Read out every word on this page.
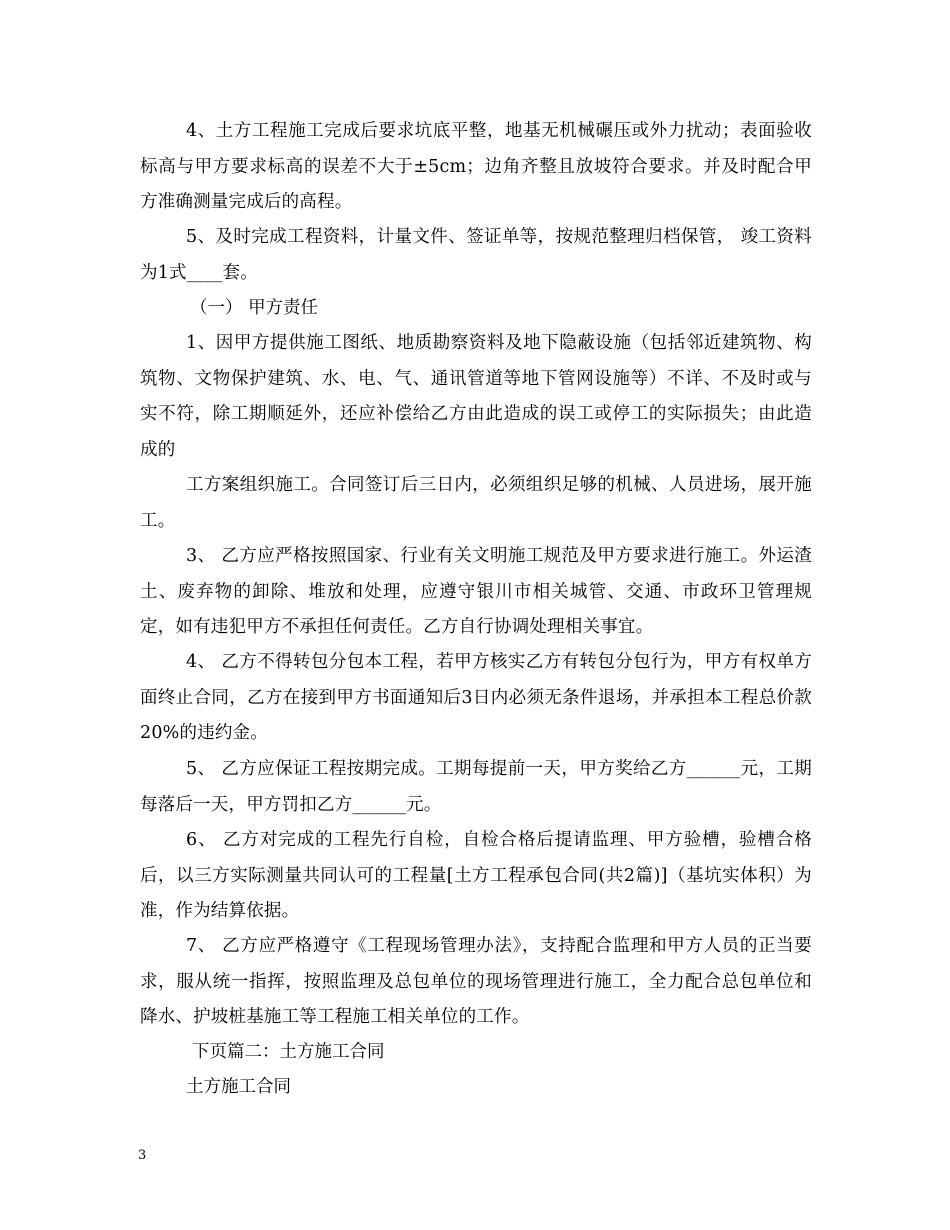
4、土方工程施工完成后要求坑底平整，地基无机械碾压或外力扰动；表面验收标高与甲方要求标高的误差不大于±5cm；边角齐整且放坡符合要求。并及时配合甲方准确测量完成后的高程。

5、及时完成工程资料，计量文件、签证单等，按规范整理归档保管， 竣工资料为1式____套。

（一） 甲方责任

1、因甲方提供施工图纸、地质勘察资料及地下隐蔽设施（包括邻近建筑物、构筑物、文物保护建筑、水、电、气、通讯管道等地下管网设施等）不详、不及时或与实不符，除工期顺延外，还应补偿给乙方由此造成的误工或停工的实际损失；由此造成的

工方案组织施工。合同签订后三日内，必须组织足够的机械、人员进场，展开施工。

3、 乙方应严格按照国家、行业有关文明施工规范及甲方要求进行施工。外运渣土、废弃物的卸除、堆放和处理，应遵守银川市相关城管、交通、市政环卫管理规定，如有违犯甲方不承担任何责任。乙方自行协调处理相关事宜。

4、 乙方不得转包分包本工程，若甲方核实乙方有转包分包行为，甲方有权单方面终止合同，乙方在接到甲方书面通知后3日内必须无条件退场，并承担本工程总价款20%的违约金。

5、 乙方应保证工程按期完成。工期每提前一天，甲方奖给乙方______元，工期每落后一天，甲方罚扣乙方______元。

6、 乙方对完成的工程先行自检，自检合格后提请监理、甲方验槽，验槽合格后，以三方实际测量共同认可的工程量[土方工程承包合同(共2篇)]（基坑实体积）为准，作为结算依据。

7、 乙方应严格遵守《工程现场管理办法》，支持配合监理和甲方人员的正当要求，服从统一指挥，按照监理及总包单位的现场管理进行施工，全力配合总包单位和降水、护坡桩基施工等工程施工相关单位的工作。

下页篇二：土方施工合同

土方施工合同

3
